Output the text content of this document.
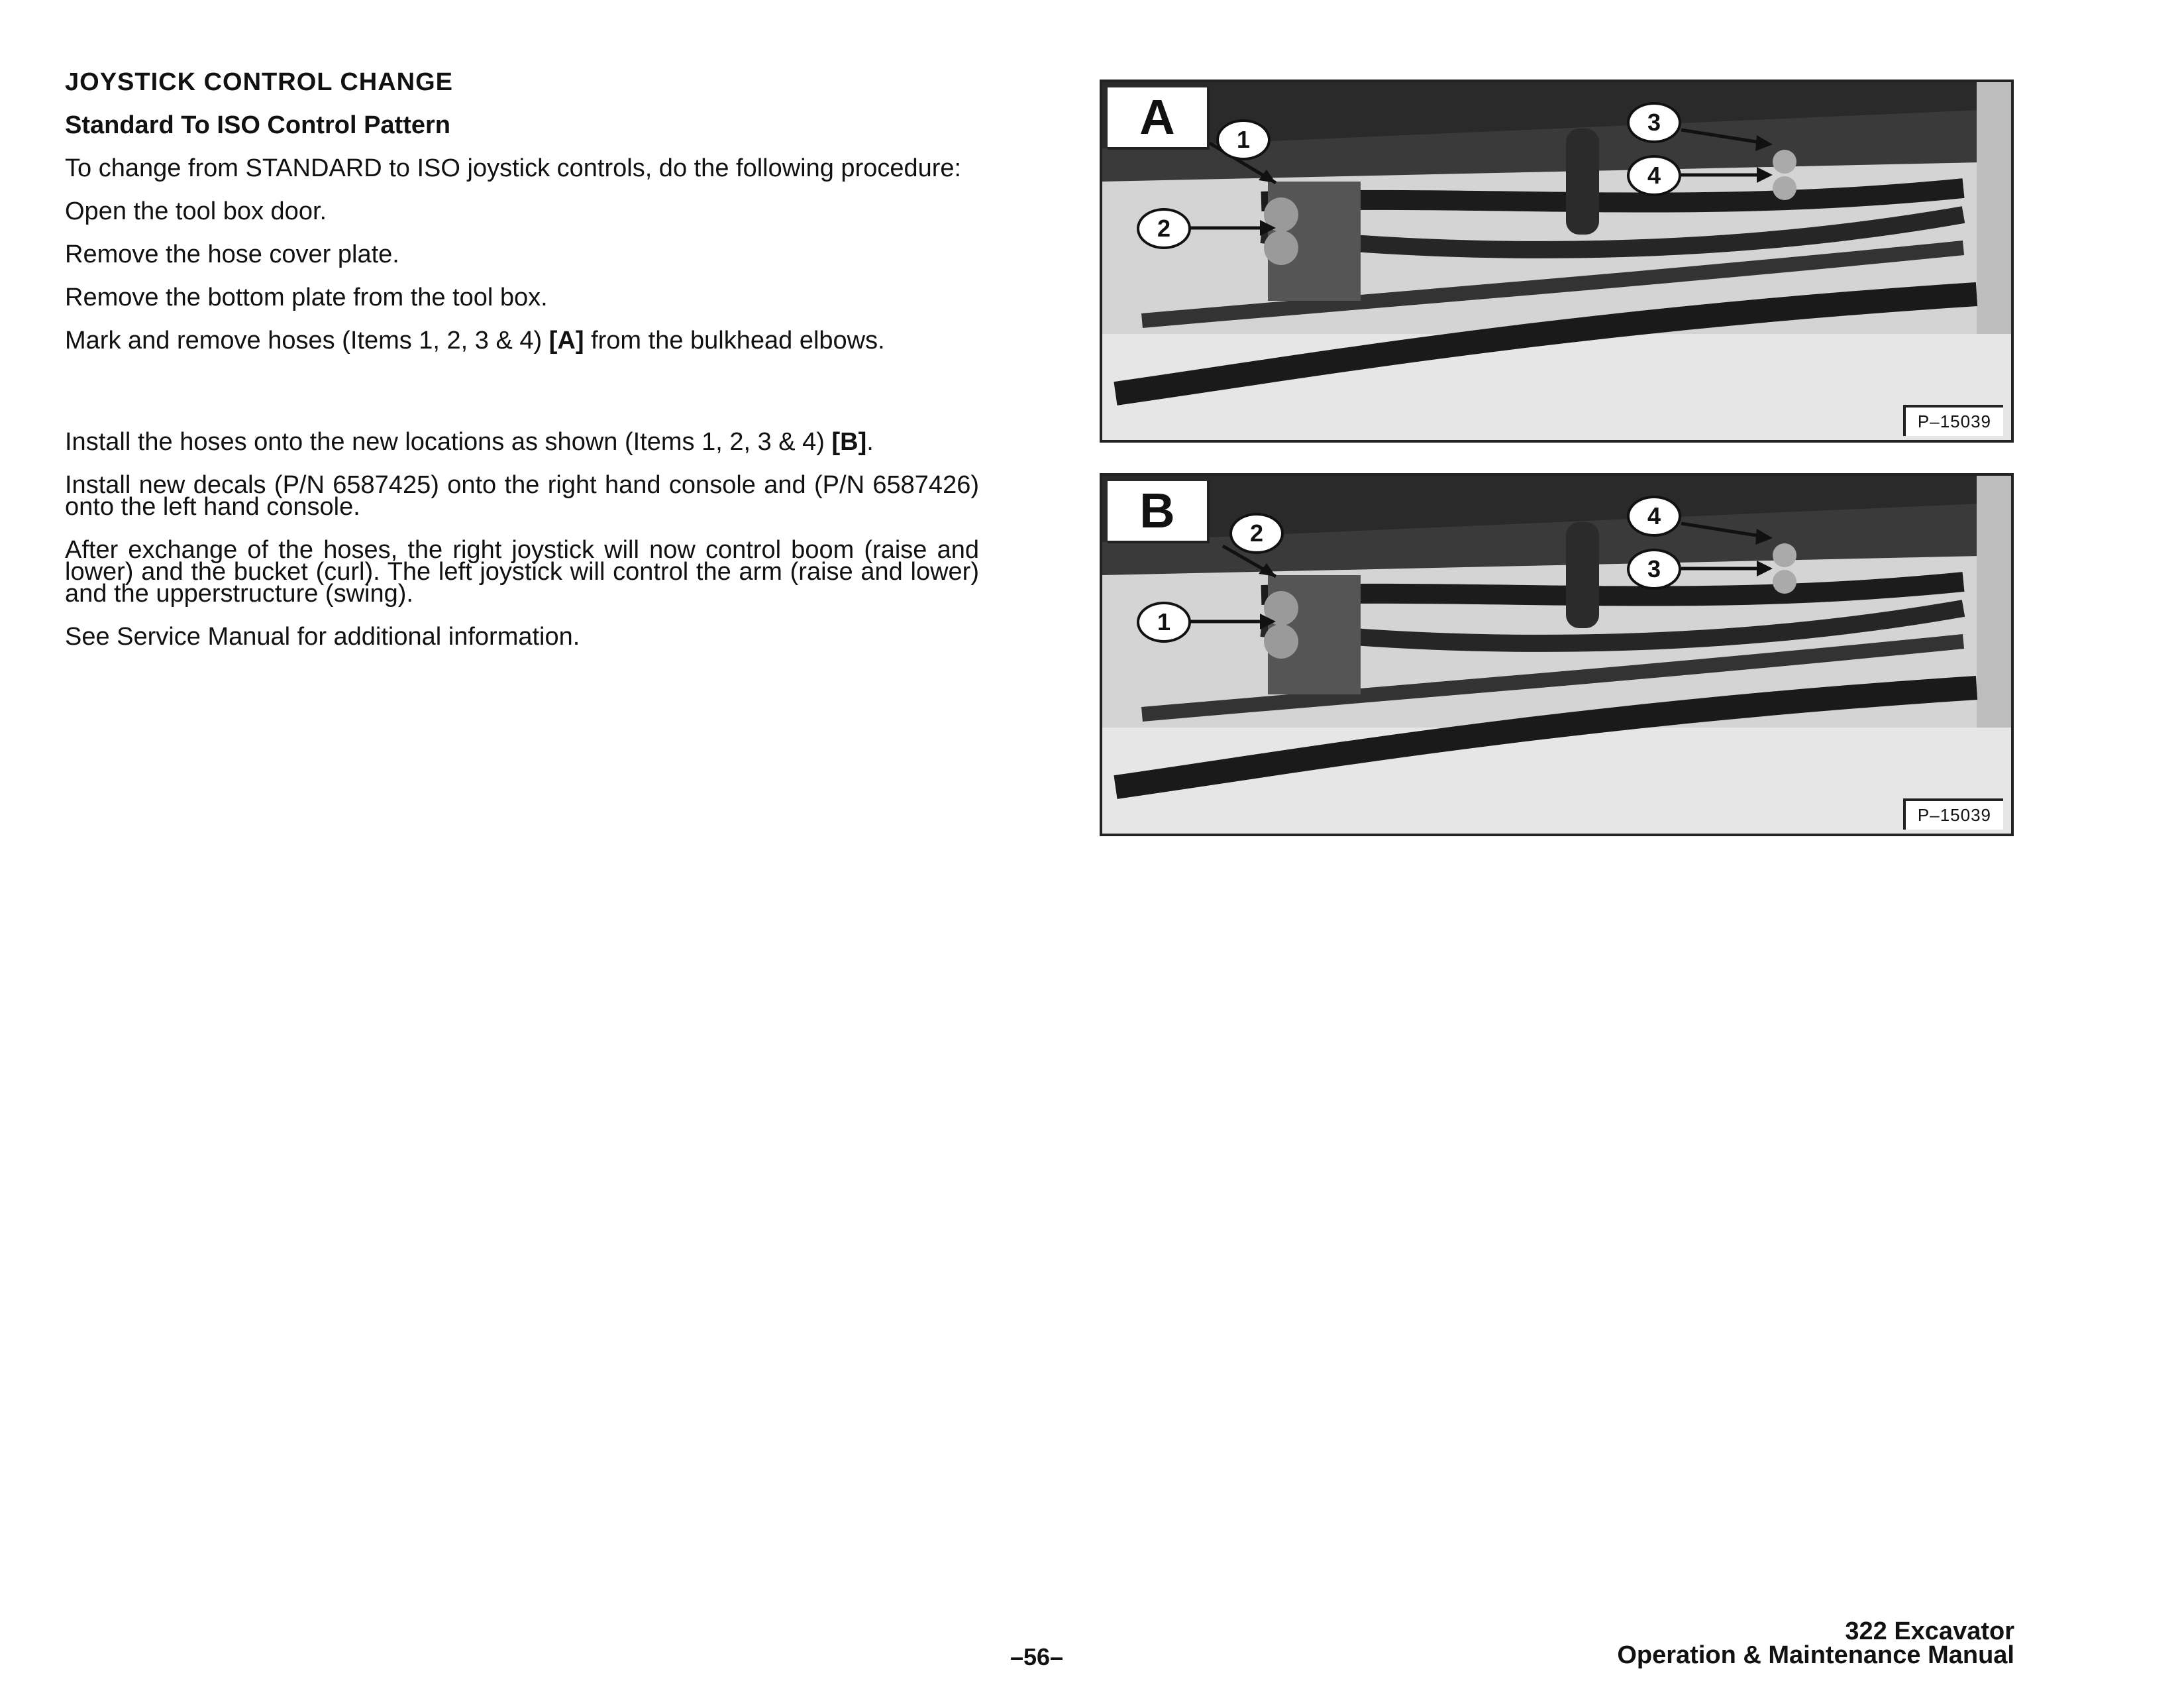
JOYSTICK CONTROL CHANGE
Standard To ISO Control Pattern

To change from STANDARD to ISO joystick controls, do the following procedure:

Open the tool box door.

Remove the hose cover plate.

Remove the bottom plate from the tool box.

Mark and remove hoses (Items 1, 2, 3 & 4) [A] from the bulkhead elbows.

Install the hoses onto the new locations as shown (Items 1, 2, 3 & 4) [B].

Install new decals (P/N 6587425) onto the right hand console and (P/N 6587426) onto the left hand console.

After exchange of the hoses, the right joystick will now control boom (raise and lower) and the bucket (curl). The left joystick will control the arm (raise and lower) and the upperstructure (swing).

See Service Manual for additional information.

A	1
2
3
4
P–15039
B	2
1
4
3
P–15039
–56–
322 Excavator
Operation & Maintenance Manual
